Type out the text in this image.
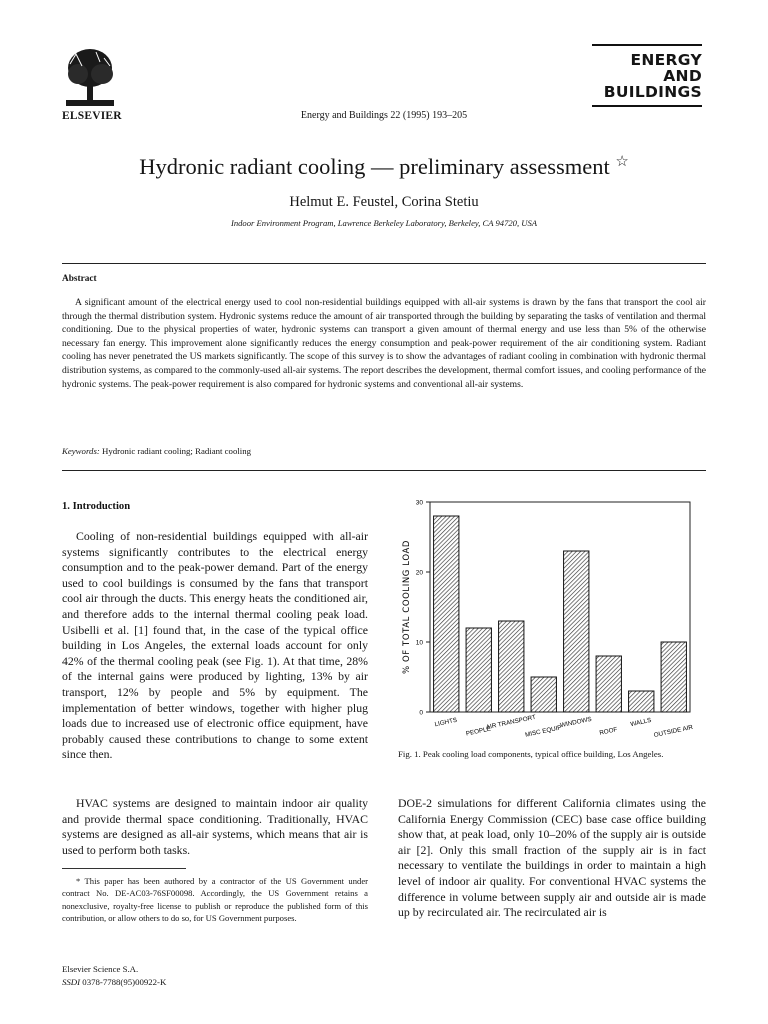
ELSEVIER	Energy and Buildings 22 (1995) 193–205
ENERGY
AND
BUILDINGS
Hydronic radiant cooling — preliminary assessment ☆
Helmut E. Feustel, Corina Stetiu
Indoor Environment Program, Lawrence Berkeley Laboratory, Berkeley, CA 94720, USA
Abstract
A significant amount of the electrical energy used to cool non-residential buildings equipped with all-air systems is drawn by the fans that transport the cool air through the thermal distribution system. Hydronic systems reduce the amount of air transported through the building by separating the tasks of ventilation and thermal conditioning. Due to the physical properties of water, hydronic systems can transport a given amount of thermal energy and use less than 5% of the otherwise necessary fan energy. This improvement alone significantly reduces the energy consumption and peak-power requirement of the air conditioning system. Radiant cooling has never penetrated the US markets significantly. The scope of this survey is to show the advantages of radiant cooling in combination with hydronic thermal distribution systems, as compared to the commonly-used all-air systems. The report describes the development, thermal comfort issues, and cooling performance of the hydronic systems. The peak-power requirement is also compared for hydronic systems and conventional all-air systems.
Keywords: Hydronic radiant cooling; Radiant cooling
1. Introduction
Cooling of non-residential buildings equipped with all-air systems significantly contributes to the electrical energy consumption and to the peak-power demand. Part of the energy used to cool buildings is consumed by the fans that transport cool air through the ducts. This energy heats the conditioned air, and therefore adds to the internal thermal cooling peak load. Usibelli et al. [1] found that, in the case of the typical office building in Los Angeles, the external loads account for only 42% of the thermal cooling peak (see Fig. 1). At that time, 28% of the internal gains were produced by lighting, 13% by air transport, 12% by people and 5% by equipment. The implementation of better windows, together with higher plug loads due to increased use of electronic office equipment, have probably caused these contributions to change to some extent since then.
HVAC systems are designed to maintain indoor air quality and provide thermal space conditioning. Traditionally, HVAC systems are designed as all-air systems, which means that air is used to perform both tasks.
* This paper has been authored by a contractor of the US Government under contract No. DE-AC03-76SF00098. Accordingly, the US Government retains a nonexclusive, royalty-free license to publish or reproduce the published form of this contribution, or allow others to do so, for US Government purposes.
Elsevier Science S.A.
SSDI 0378-7788(95)00922-K
0
10
20
30
% OF TOTAL COOLING LOAD
LIGHTS
PEOPLE
AIR TRANSPORT
MISC EQUIP
WINDOWS
ROOF
WALLS
OUTSIDE AIR
Fig. 1. Peak cooling load components, typical office building, Los Angeles.
DOE-2 simulations for different California climates using the California Energy Commission (CEC) base case office building show that, at peak load, only 10–20% of the supply air is outside air [2]. Only this small fraction of the supply air is in fact necessary to ventilate the buildings in order to maintain a high level of indoor air quality. For conventional HVAC systems the difference in volume between supply air and outside air is made up by recirculated air. The recirculated air is
